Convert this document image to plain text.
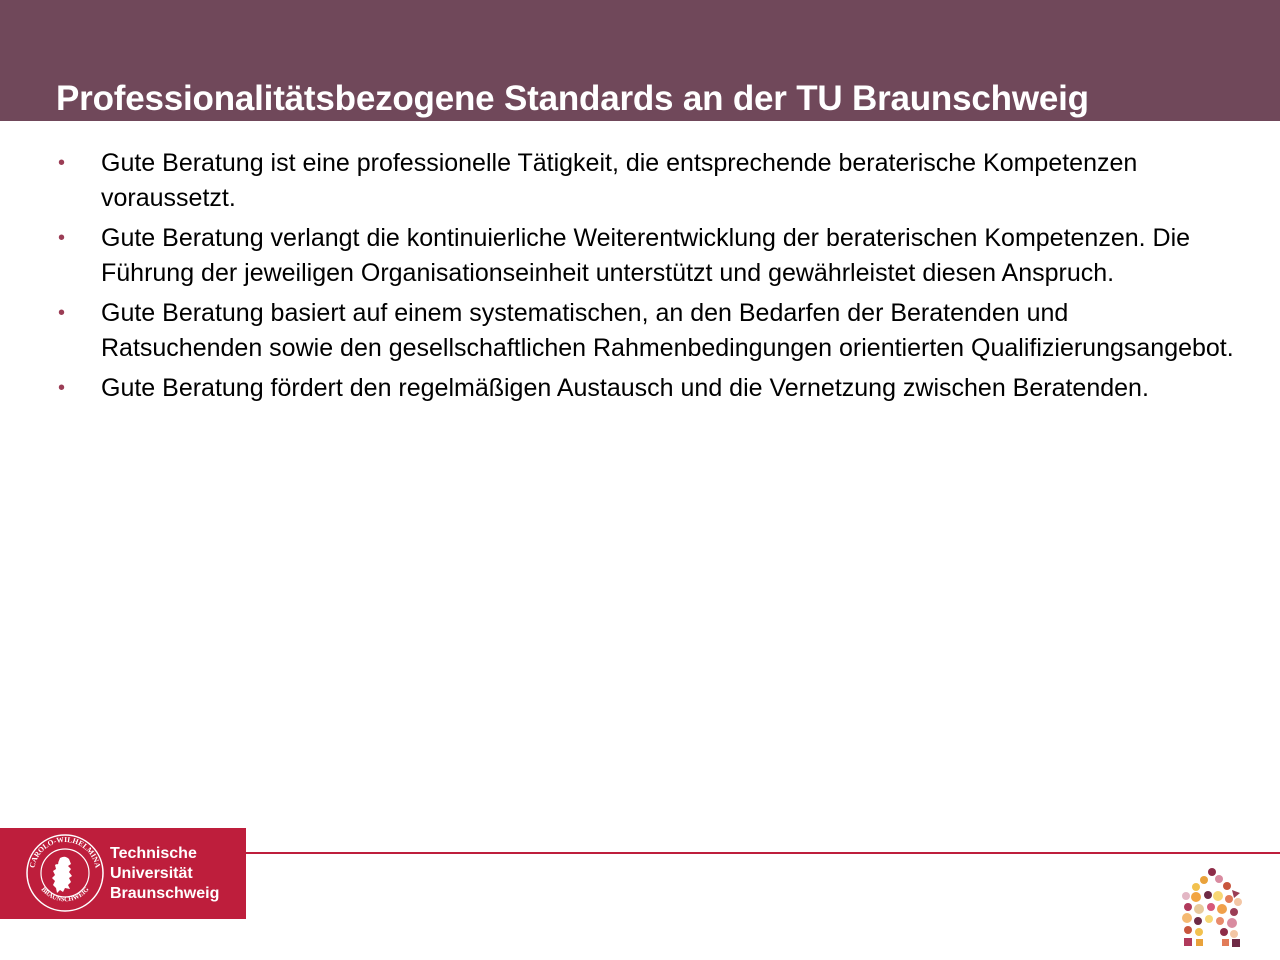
Professionalitätsbezogene Standards an der TU Braunschweig
• Gute Beratung ist eine professionelle Tätigkeit, die entsprechende beraterische Kompetenzen voraussetzt.
• Gute Beratung verlangt die kontinuierliche Weiterentwicklung der beraterischen Kompetenzen. Die Führung der jeweiligen Organisationseinheit unterstützt und gewährleistet diesen Anspruch.
• Gute Beratung basiert auf einem systematischen, an den Bedarfen der Beratenden und Ratsuchenden sowie den gesellschaftlichen Rahmenbedingungen orientierten Qualifizierungsangebot.
• Gute Beratung fördert den regelmäßigen Austausch und die Vernetzung zwischen Beratenden.
CAROLO-WILHELMINA
BRAUNSCHWEIG
Technische
Universität
Braunschweig
